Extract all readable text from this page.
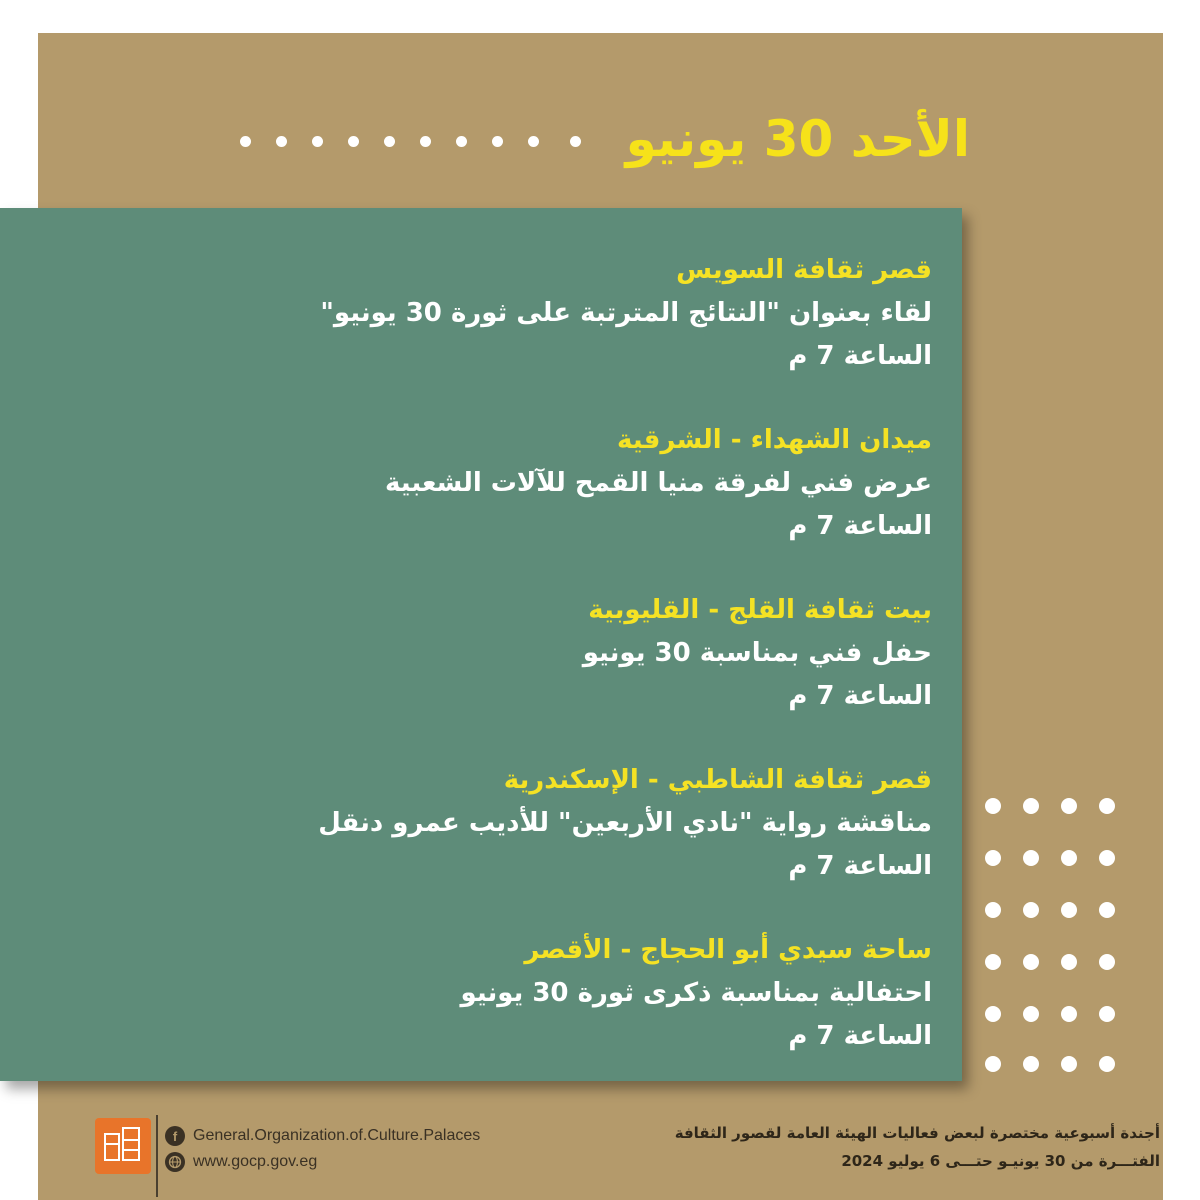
الأحد 30 يونيو
قصر ثقافة السويس
لقاء بعنوان "النتائج المترتبة على ثورة 30 يونيو"
الساعة 7 م
ميدان الشهداء - الشرقية
عرض فني لفرقة منيا القمح للآلات الشعبية
الساعة 7 م
بيت ثقافة القلج - القليوبية
حفل فني بمناسبة 30 يونيو
الساعة 7 م
قصر ثقافة الشاطبي - الإسكندرية
مناقشة رواية "نادي الأربعين" للأديب عمرو دنقل
الساعة 7 م
ساحة سيدي أبو الحجاج - الأقصر
احتفالية بمناسبة ذكرى ثورة 30 يونيو
الساعة 7 م
f General.Organization.of.Culture.Palaces
www.gocp.gov.eg
أجندة أسبوعية مختصرة لبعض فعاليات الهيئة العامة لقصور الثقافة
الفتـــرة من 30 يونيـو حتـــى 6 يوليو 2024
